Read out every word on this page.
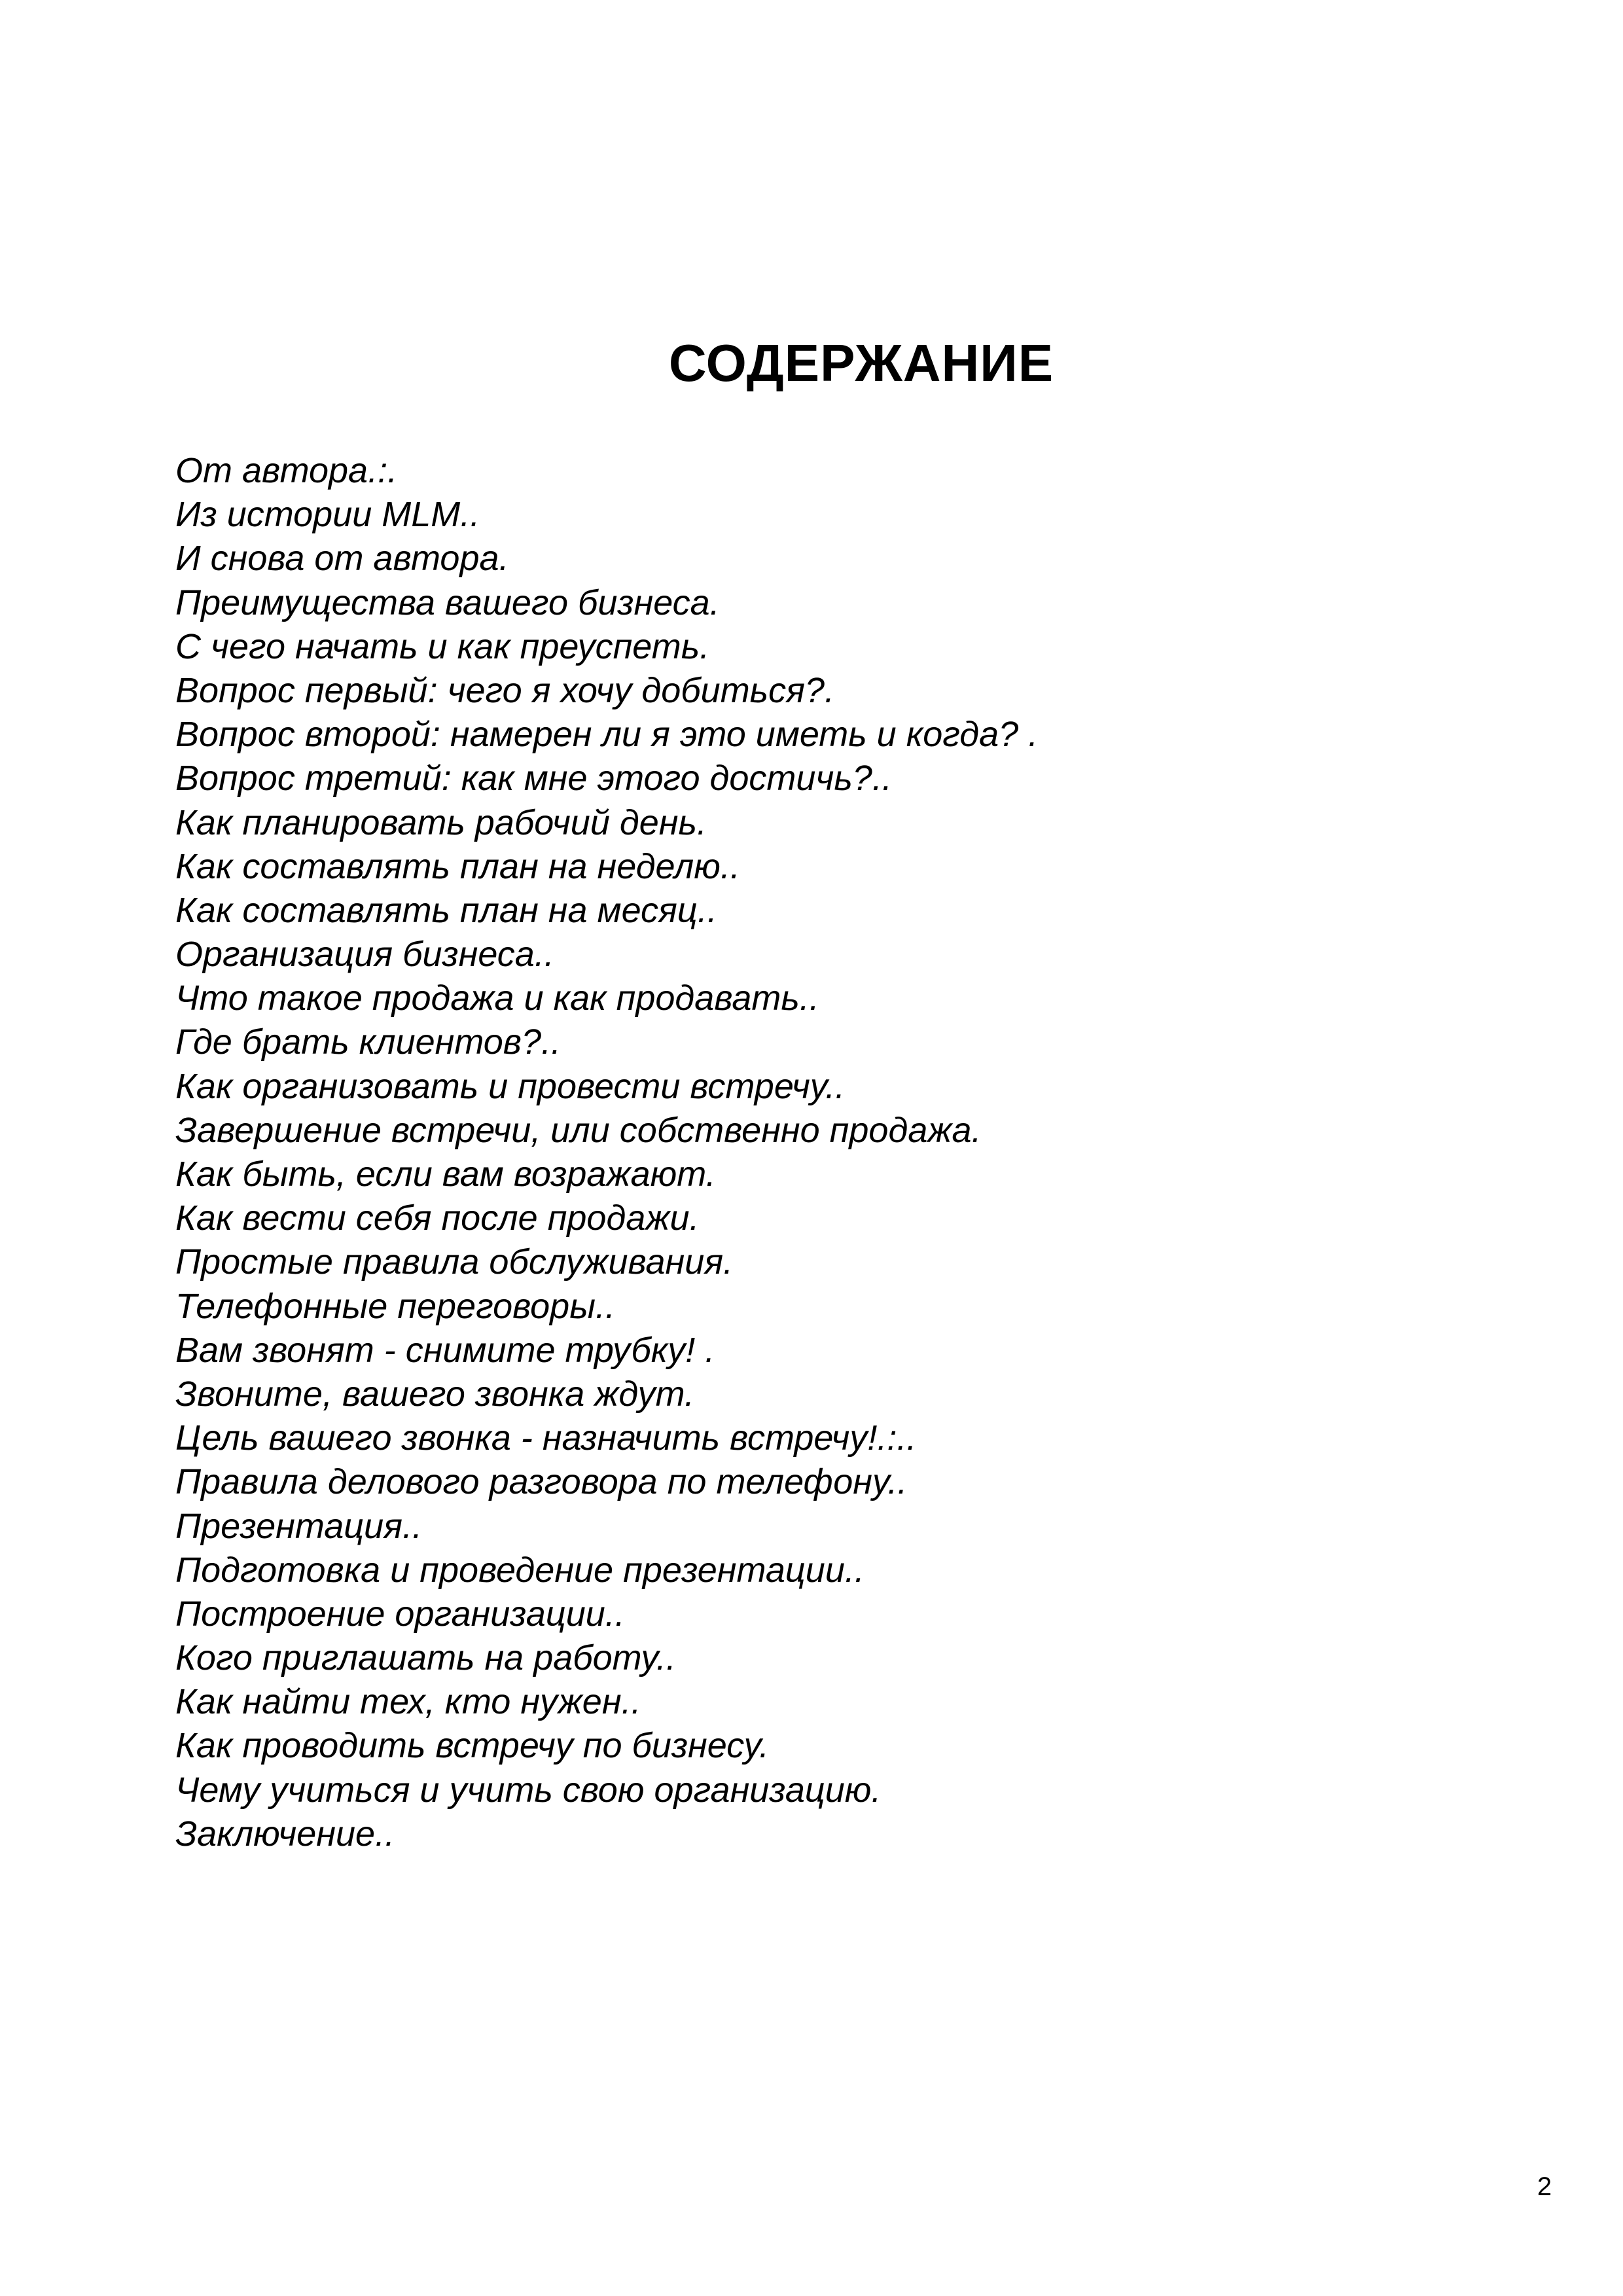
СОДЕРЖАНИЕ
От автора.:.
Из истории MLM..
И снова от автора.
Преимущества вашего бизнеса.
С чего начать и как преуспеть.
Вопрос первый: чего я хочу добиться?.
Вопрос второй: намерен ли я это иметь и когда? .
Вопрос третий: как мне этого достичь?..
Как планировать рабочий день.
Как составлять план на неделю..
Как составлять план на месяц..
Организация бизнеса..
Что такое продажа и как продавать..
Где брать клиентов?..
Как организовать и провести встречу..
Завершение встречи, или собственно продажа.
Как быть, если вам возражают.
Как вести себя после продажи.
Простые правила обслуживания.
Телефонные переговоры..
Вам звонят - снимите трубку! .
Звоните, вашего звонка ждут.
Цель вашего звонка - назначить встречу!.:..
Правила делового разговора по телефону..
Презентация..
Подготовка и проведение презентации..
Построение организации..
Кого приглашать на работу..
Как найти тех, кто нужен..
Как проводить встречу по бизнесу.
Чему учиться и учить свою организацию.
Заключение..
2
